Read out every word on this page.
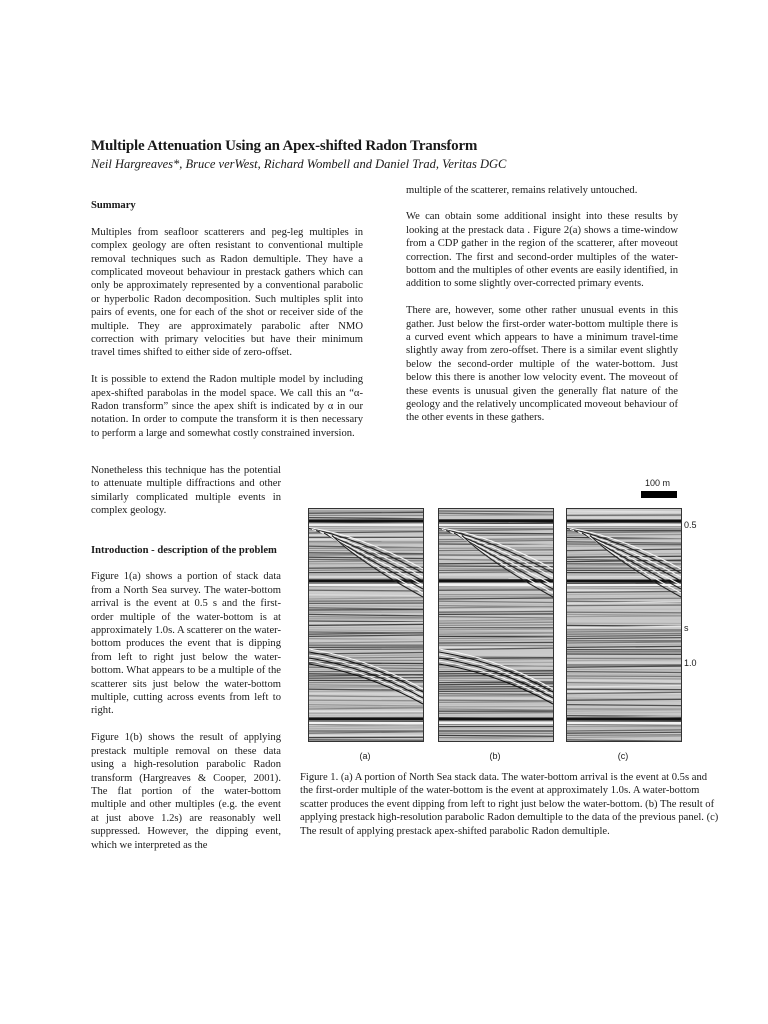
Multiple Attenuation Using an Apex-shifted Radon Transform
Neil Hargreaves*, Bruce verWest, Richard Wombell and Daniel Trad, Veritas DGC
Summary

Multiples from seafloor scatterers and peg-leg multiples in complex geology are often resistant to conventional multiple removal techniques such as Radon demultiple. They have a complicated moveout behaviour in prestack gathers which can only be approximately represented by a conventional parabolic or hyperbolic Radon decomposition. Such multiples split into pairs of events, one for each of the shot or receiver side of the multiple. They are approximately parabolic after NMO correction with primary velocities but have their minimum travel times shifted to either side of zero-offset.

It is possible to extend the Radon multiple model by including apex-shifted parabolas in the model space. We call this an “α-Radon transform” since the apex shift is indicated by α in our notation. In order to compute the transform it is then necessary to perform a large and somewhat costly constrained inversion.

Nonetheless this technique has the potential to attenuate multiple diffractions and other similarly complicated multiple events in complex geology.

Introduction - description of the problem

Figure 1(a) shows a portion of stack data from a North Sea survey. The water-bottom arrival is the event at 0.5 s and the first-order multiple of the water-bottom is at approximately 1.0s. A scatterer on the water-bottom produces the event that is dipping from left to right just below the water-bottom. What appears to be a multiple of the scatterer sits just below the water-bottom multiple, cutting across events from left to right.

Figure 1(b) shows the result of applying prestack multiple removal on these data using a high-resolution parabolic Radon transform (Hargreaves & Cooper, 2001). The flat portion of the water-bottom multiple and other multiples (e.g. the event at just above 1.2s) are reasonably well suppressed. However, the dipping event, which we interpreted as the

multiple of the scatterer, remains relatively untouched.

We can obtain some additional insight into these results by looking at the prestack data . Figure 2(a) shows a time-window from a CDP gather in the region of the scatterer, after moveout correction. The first and second-order multiples of the water-bottom and the multiples of other events are easily identified, in addition to some slightly over-corrected primary events.

There are, however, some other rather unusual events in this gather. Just below the first-order water-bottom multiple there is a curved event which appears to have a minimum travel-time slightly away from zero-offset. There is a similar event slightly below the second-order multiple of the water-bottom. Just below this there is another low velocity event. The moveout of these events is unusual given the generally flat nature of the geology and the relatively uncomplicated moveout behaviour of the other events in these gathers.

100 m
0.5
s
1.0
(a)	(b)	(c)
Figure 1. (a) A portion of North Sea stack data. The water-bottom arrival is the event at 0.5s and the first-order multiple of the water-bottom is the event at approximately 1.0s. A water-bottom scatter produces the event dipping from left to right just below the water-bottom. (b) The result of applying prestack high-resolution parabolic Radon demultiple to the data of the previous panel. (c) The result of applying prestack apex-shifted parabolic Radon demultiple.
